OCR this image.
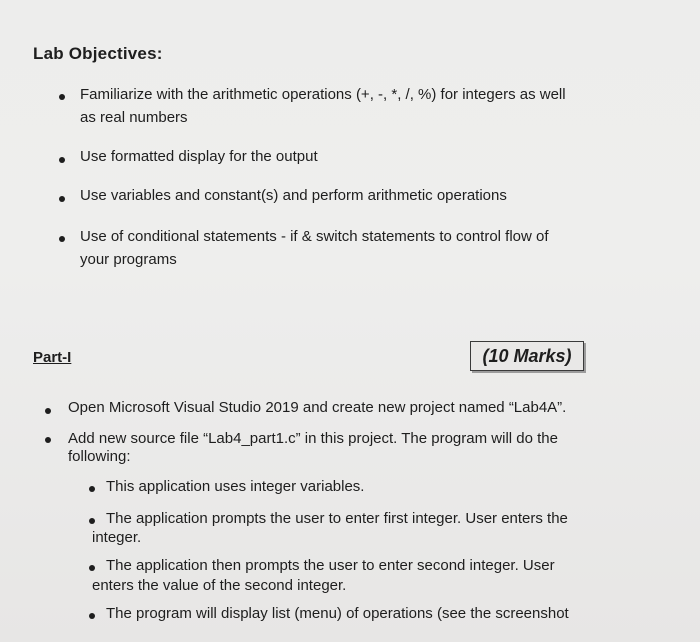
Lab Objectives:
Familiarize with the arithmetic operations (+, -, *, /, %) for integers as well
as real numbers
Use formatted display for the output
Use variables and constant(s) and perform arithmetic operations
Use of conditional statements - if & switch statements to control flow of
your programs
Part-I	(10 Marks)
Open Microsoft Visual Studio 2019 and create new project named “Lab4A”.
Add new source file “Lab4_part1.c” in this project. The program will do the
following:
This application uses integer variables.
The application prompts the user to enter first integer. User enters the
integer.
The application then prompts the user to enter second integer. User
enters the value of the second integer.
The program will display list (menu) of operations (see the screenshot
